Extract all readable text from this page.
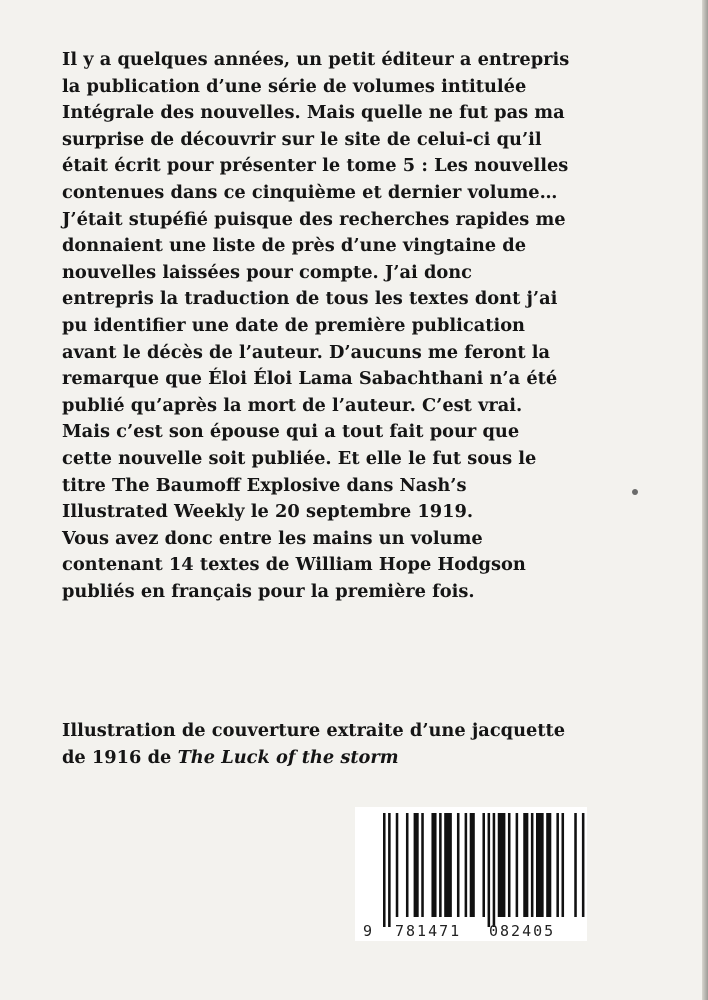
Il y a quelques années, un petit éditeur a entrepris
la publication d’une série de volumes intitulée
Intégrale des nouvelles. Mais quelle ne fut pas ma
surprise de découvrir sur le site de celui-ci qu’il
était écrit pour présenter le tome 5 : Les nouvelles
contenues dans ce cinquième et dernier volume…
J’était stupéfié puisque des recherches rapides me
donnaient une liste de près d’une vingtaine de
nouvelles laissées pour compte. J’ai donc
entrepris la traduction de tous les textes dont j’ai
pu identifier une date de première publication
avant le décès de l’auteur. D’aucuns me feront la
remarque que Éloi Éloi Lama Sabachthani n’a été
publié qu’après la mort de l’auteur. C’est vrai.
Mais c’est son épouse qui a tout fait pour que
cette nouvelle soit publiée. Et elle le fut sous le
titre The Baumoff Explosive dans Nash’s
Illustrated Weekly le 20 septembre 1919.
Vous avez donc entre les mains un volume
contenant 14 textes de William Hope Hodgson
publiés en français pour la première fois.
Illustration de couverture extraite d’une jacquette
de 1916 de The Luck of the storm
9 781471 082405
